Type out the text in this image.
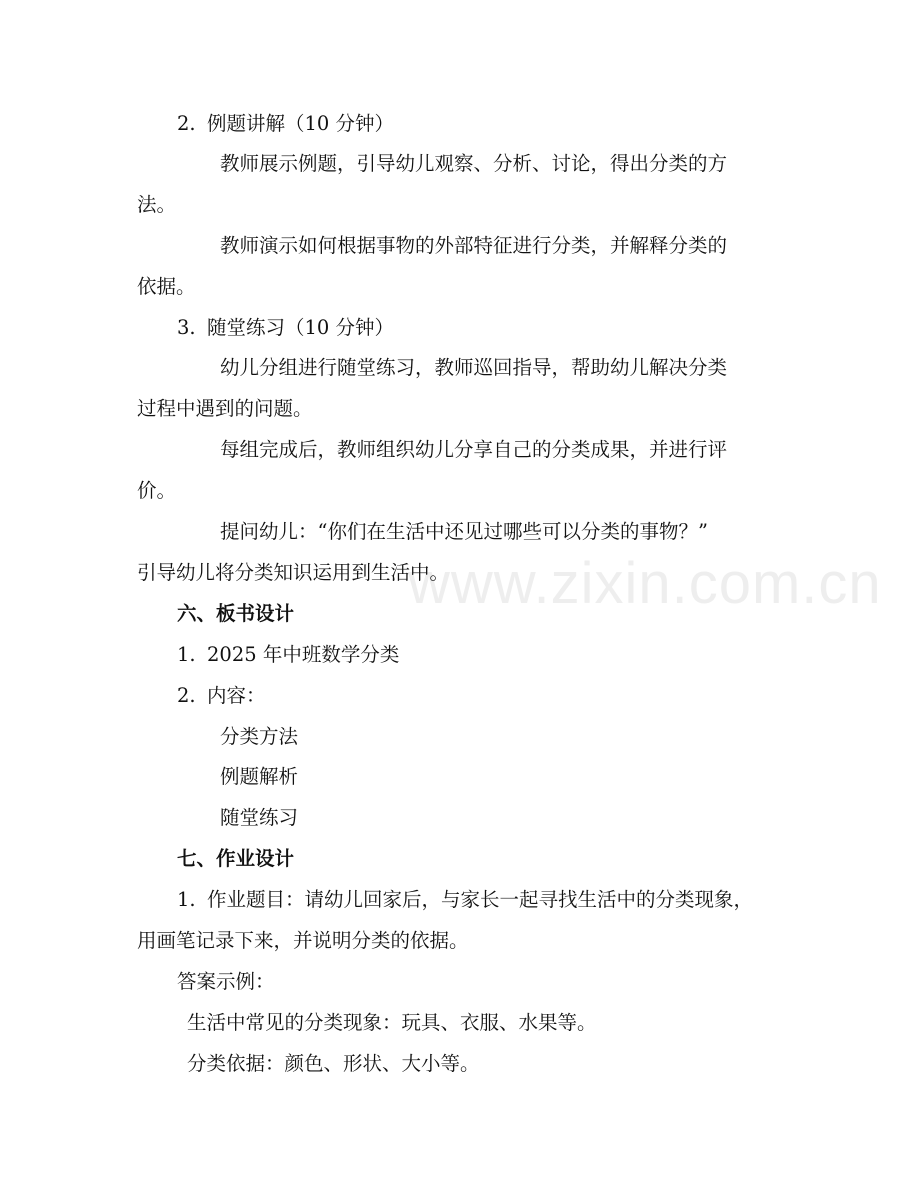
www.zixin.com.cn
2. 例题讲解（10 分钟）
教师展示例题，引导幼儿观察、分析、讨论，得出分类的方
法。
教师演示如何根据事物的外部特征进行分类，并解释分类的
依据。
3. 随堂练习（10 分钟）
幼儿分组进行随堂练习，教师巡回指导，帮助幼儿解决分类
过程中遇到的问题。
每组完成后，教师组织幼儿分享自己的分类成果，并进行评
价。
提问幼儿：“你们在生活中还见过哪些可以分类的事物？”
引导幼儿将分类知识运用到生活中。
六、板书设计
1. 2025 年中班数学分类
2. 内容：
分类方法
例题解析
随堂练习
七、作业设计
1. 作业题目：请幼儿回家后，与家长一起寻找生活中的分类现象，
用画笔记录下来，并说明分类的依据。
答案示例：
生活中常见的分类现象：玩具、衣服、水果等。
分类依据：颜色、形状、大小等。
